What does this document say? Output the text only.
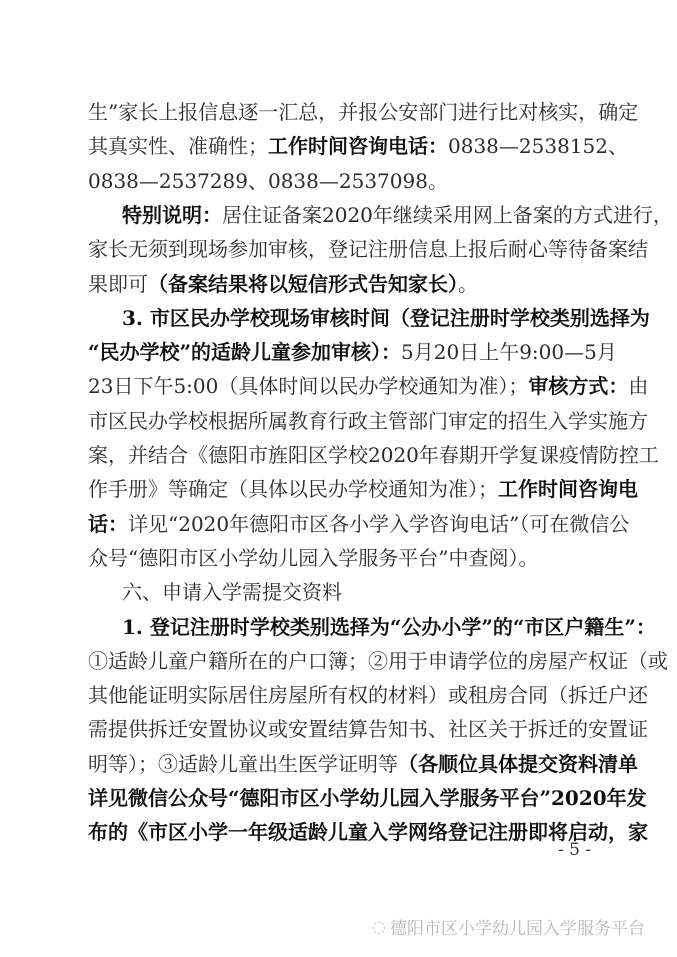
生”家长上报信息逐一汇总，并报公安部门进行比对核实，确定
其真实性、准确性；工作时间咨询电话：0838—2538152、
0838—2537289、0838—2537098。
特别说明：居住证备案2020年继续采用网上备案的方式进行，
家长无须到现场参加审核，登记注册信息上报后耐心等待备案结
果即可（备案结果将以短信形式告知家长）。
3. 市区民办学校现场审核时间（登记注册时学校类别选择为
“民办学校”的适龄儿童参加审核）：5月20日上午9:00—5月
23日下午5:00（具体时间以民办学校通知为准）；审核方式：由
市区民办学校根据所属教育行政主管部门审定的招生入学实施方
案，并结合《德阳市旌阳区学校2020年春期开学复课疫情防控工
作手册》等确定（具体以民办学校通知为准）；工作时间咨询电
话：详见“2020年德阳市区各小学入学咨询电话”（可在微信公
众号“德阳市区小学幼儿园入学服务平台”中查阅）。
六、申请入学需提交资料
1. 登记注册时学校类别选择为“公办小学”的“市区户籍生”：
①适龄儿童户籍所在的户口簿；②用于申请学位的房屋产权证（或
其他能证明实际居住房屋所有权的材料）或租房合同（拆迁户还
需提供拆迁安置协议或安置结算告知书、社区关于拆迁的安置证
明等）；③适龄儿童出生医学证明等（各顺位具体提交资料清单
详见微信公众号“德阳市区小学幼儿园入学服务平台”2020年发
布的《市区小学一年级适龄儿童入学网络登记注册即将启动，家
- 5 -
◌ 德阳市区小学幼儿园入学服务平台
